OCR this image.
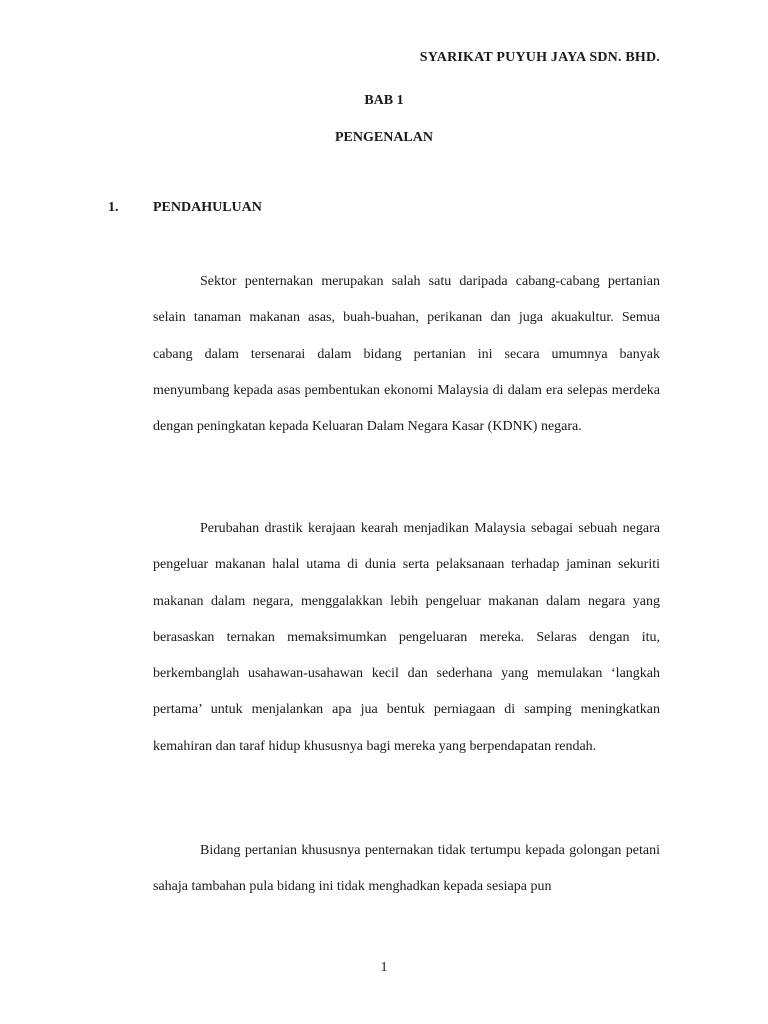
SYARIKAT PUYUH JAYA SDN. BHD.
BAB 1
PENGENALAN
1. PENDAHULUAN

Sektor penternakan merupakan salah satu daripada cabang-cabang pertanian selain tanaman makanan asas, buah-buahan, perikanan dan juga akuakultur. Semua cabang dalam tersenarai dalam bidang pertanian ini secara umumnya banyak menyumbang kepada asas pembentukan ekonomi Malaysia di dalam era selepas merdeka dengan peningkatan kepada Keluaran Dalam Negara Kasar (KDNK) negara.

Perubahan drastik kerajaan kearah menjadikan Malaysia sebagai sebuah negara pengeluar makanan halal utama di dunia serta pelaksanaan terhadap jaminan sekuriti makanan dalam negara, menggalakkan lebih pengeluar makanan dalam negara yang berasaskan ternakan memaksimumkan pengeluaran mereka. Selaras dengan itu, berkembanglah usahawan-usahawan kecil dan sederhana yang memulakan ‘langkah pertama’ untuk menjalankan apa jua bentuk perniagaan di samping meningkatkan kemahiran dan taraf hidup khususnya bagi mereka yang berpendapatan rendah.

Bidang pertanian khususnya penternakan tidak tertumpu kepada golongan petani sahaja tambahan pula bidang ini tidak menghadkan kepada sesiapa pun

1
